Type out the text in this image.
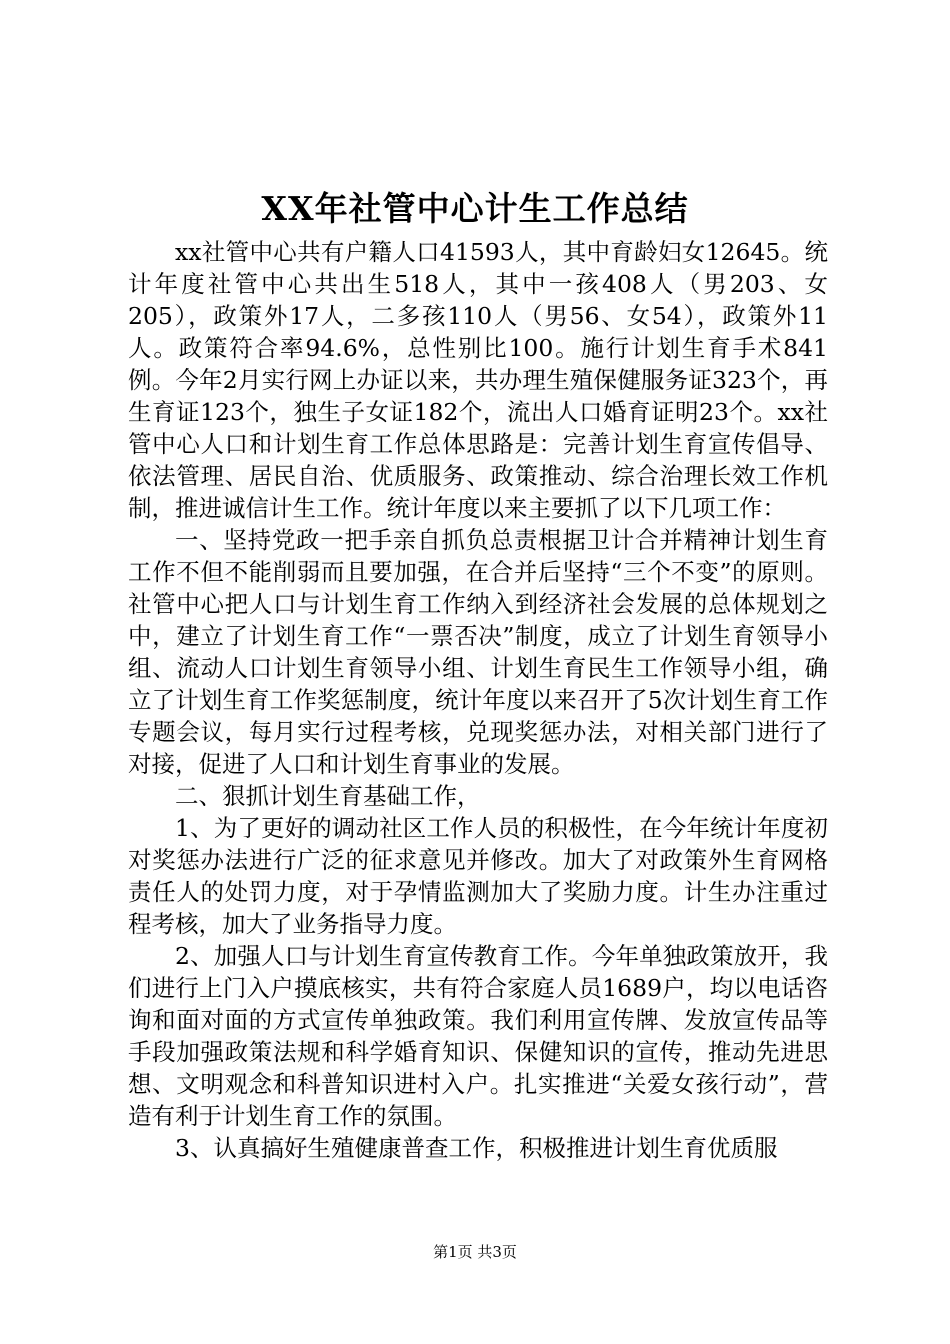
XX年社管中心计生工作总结

xx社管中心共有户籍人口41593人，其中育龄妇女12645。统计年度社管中心共出生518人，其中一孩408人（男203、女205），政策外17人，二多孩110人（男56、女54），政策外11人。政策符合率94.6%，总性别比100。施行计划生育手术841例。今年2月实行网上办证以来，共办理生殖保健服务证323个，再生育证123个，独生子女证182个，流出人口婚育证明23个。xx社管中心人口和计划生育工作总体思路是：完善计划生育宣传倡导、依法管理、居民自治、优质服务、政策推动、综合治理长效工作机制，推进诚信计生工作。统计年度以来主要抓了以下几项工作：

一、坚持党政一把手亲自抓负总责根据卫计合并精神计划生育工作不但不能削弱而且要加强，在合并后坚持“三个不变”的原则。社管中心把人口与计划生育工作纳入到经济社会发展的总体规划之中，建立了计划生育工作“一票否决”制度，成立了计划生育领导小组、流动人口计划生育领导小组、计划生育民生工作领导小组，确立了计划生育工作奖惩制度，统计年度以来召开了5次计划生育工作专题会议，每月实行过程考核，兑现奖惩办法，对相关部门进行了对接，促进了人口和计划生育事业的发展。

二、狠抓计划生育基础工作，

1、为了更好的调动社区工作人员的积极性，在今年统计年度初对奖惩办法进行广泛的征求意见并修改。加大了对政策外生育网格责任人的处罚力度，对于孕情监测加大了奖励力度。计生办注重过程考核，加大了业务指导力度。

2、加强人口与计划生育宣传教育工作。今年单独政策放开，我们进行上门入户摸底核实，共有符合家庭人员1689户，均以电话咨询和面对面的方式宣传单独政策。我们利用宣传牌、发放宣传品等手段加强政策法规和科学婚育知识、保健知识的宣传，推动先进思想、文明观念和科普知识进村入户。扎实推进“关爱女孩行动”，营造有利于计划生育工作的氛围。

3、认真搞好生殖健康普查工作，积极推进计划生育优质服

第1页 共3页
